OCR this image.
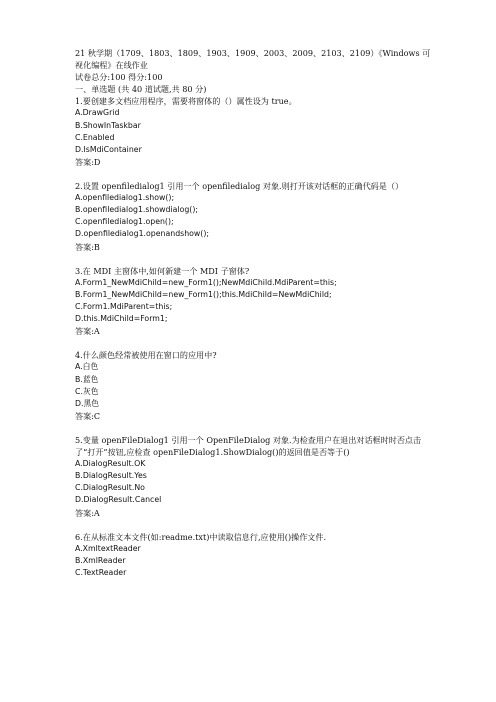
21 秋学期（1709、1803、1809、1903、1909、2003、2009、2103、2109）《Windows 可视化编程》在线作业
试卷总分:100 得分:100
一、单选题 (共 40 道试题,共 80 分)
1.要创建多文档应用程序，需要将窗体的（）属性设为 true。
A.DrawGrid
B.ShowInTaskbar
C.Enabled
D.IsMdiContainer
答案:D
2.设置 openfiledialog1 引用一个 openfiledialog 对象.则打开该对话框的正确代码是（）
A.openfiledialog1.show();
B.openfiledialog1.showdialog();
C.openfiledialog1.open();
D.openfiledialog1.openandshow();
答案:B
3.在 MDI 主窗体中,如何新建一个 MDI 子窗体?
A.Form1_NewMdiChild=new_Form1();NewMdiChild.MdiParent=this;
B.Form1_NewMdiChild=new_Form1();this.MdiChild=NewMdiChild;
C.Form1.MdiParent=this;
D.this.MdiChild=Form1;
答案:A
4.什么颜色经常被使用在窗口的应用中?
A.白色
B.蓝色
C.灰色
D.黑色
答案:C
5.变量 openFileDialog1 引用一个 OpenFileDialog 对象.为检查用户在退出对话框时时否点击了“打开”按钮,应检查 openFileDialog1.ShowDialog()的返回值是否等于()
A.DialogResult.OK
B.DialogResult.Yes
C.DialogResult.No
D.DialogResult.Cancel
答案:A
6.在从标准文本文件(如:readme.txt)中读取信息行,应使用()操作文件.
A.XmltextReader
B.XmlReader
C.TextReader
